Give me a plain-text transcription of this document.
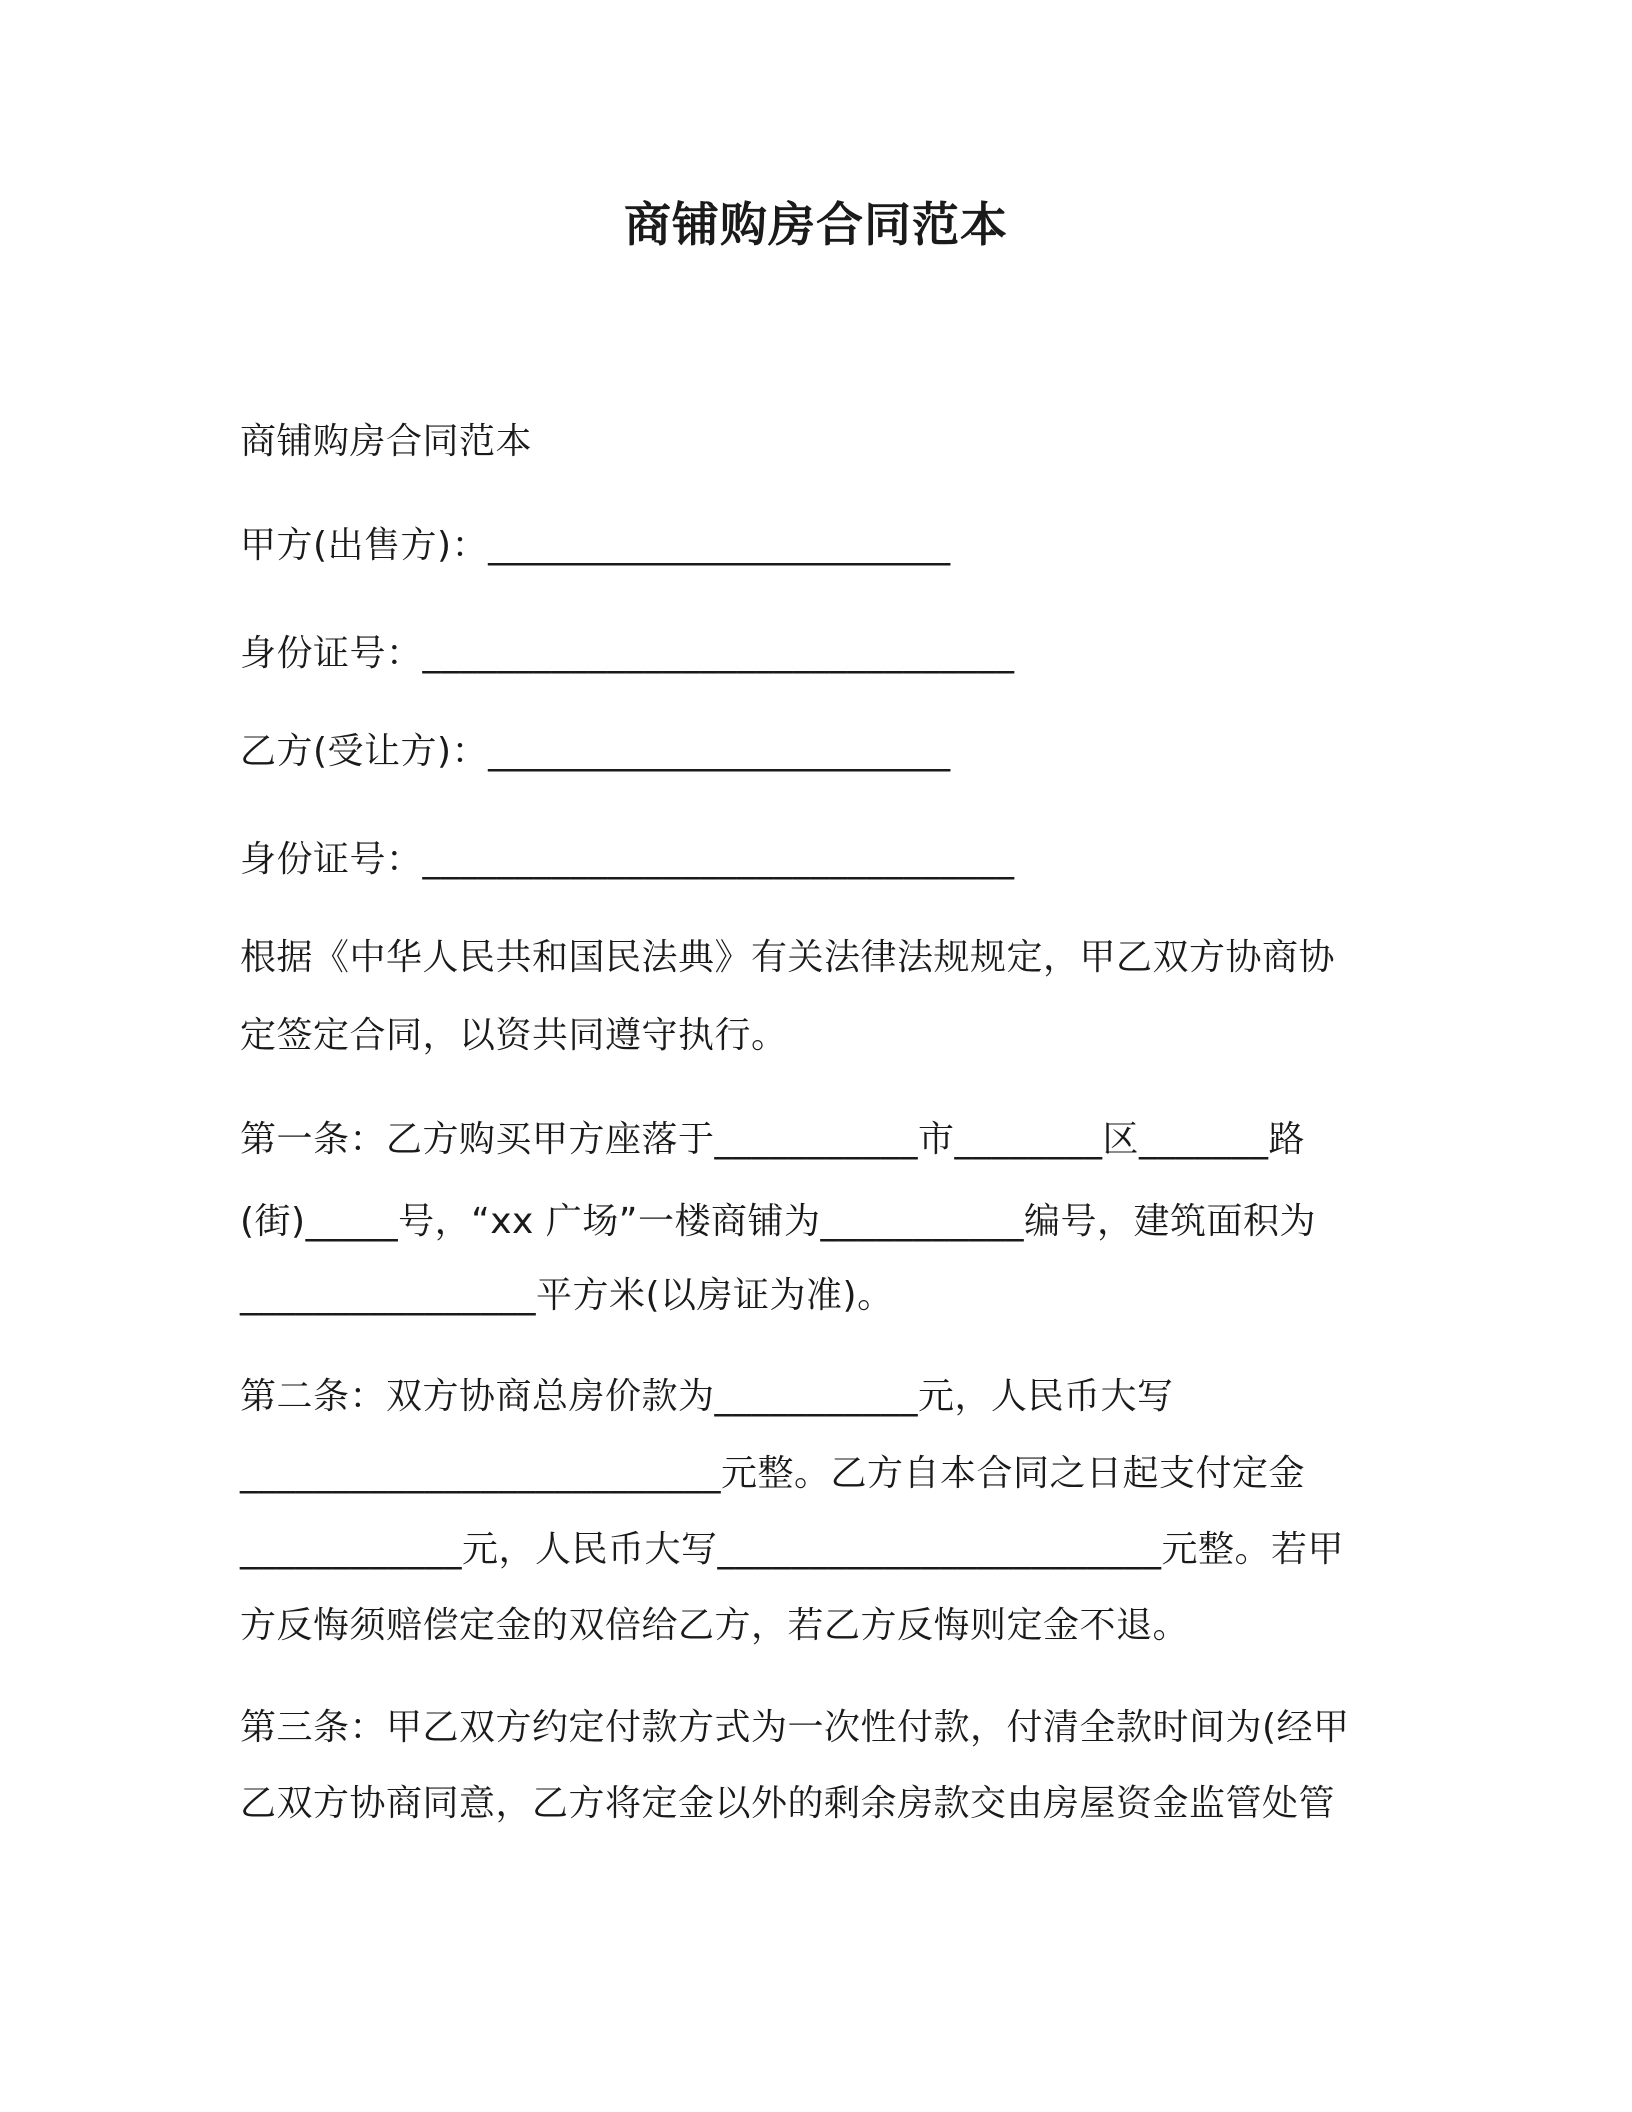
商铺购房合同范本
商铺购房合同范本
甲方(出售方)：_________________________
身份证号：________________________________
乙方(受让方)：_________________________
身份证号：________________________________
根据《中华人民共和国民法典》有关法律法规规定，甲乙双方协商协
定签定合同，以资共同遵守执行。
第一条：乙方购买甲方座落于___________市________区_______路
(街)_____号，“xx 广场”一楼商铺为___________编号，建筑面积为
________________平方米(以房证为准)。
第二条：双方协商总房价款为___________元，人民币大写
__________________________元整。乙方自本合同之日起支付定金
____________元，人民币大写________________________元整。若甲
方反悔须赔偿定金的双倍给乙方，若乙方反悔则定金不退。
第三条：甲乙双方约定付款方式为一次性付款，付清全款时间为(经甲
乙双方协商同意，乙方将定金以外的剩余房款交由房屋资金监管处管
